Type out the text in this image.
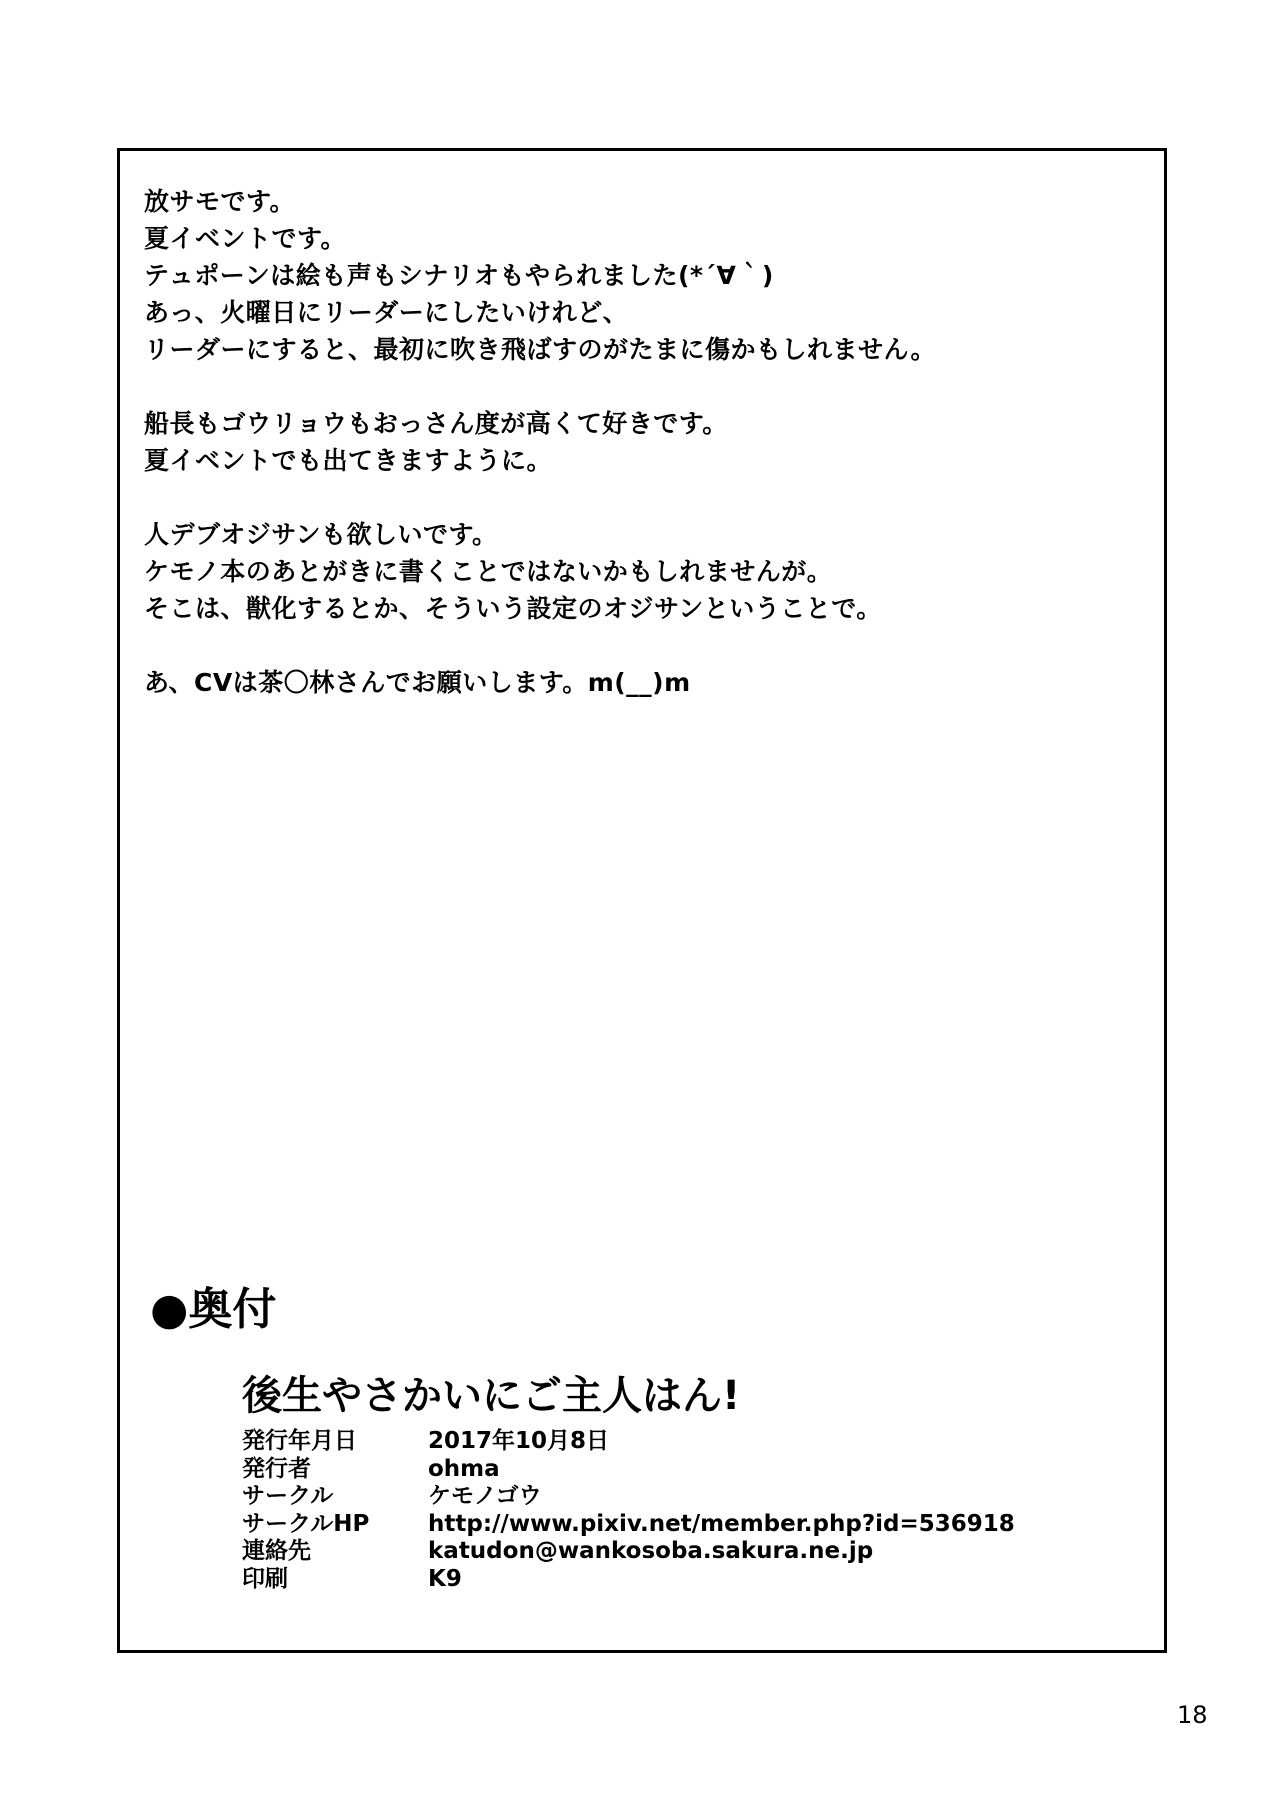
放サモです。
夏イベントです。
テュポーンは絵も声もシナリオもやられました(*´∀｀)
あっ、火曜日にリーダーにしたいけれど、
リーダーにすると、最初に吹き飛ばすのがたまに傷かもしれません。
船長もゴウリョウもおっさん度が高くて好きです。
夏イベントでも出てきますように。
人デブオジサンも欲しいです。
ケモノ本のあとがきに書くことではないかもしれませんが。
そこは、獣化するとか、そういう設定のオジサンということで。
あ、CVは茶〇林さんでお願いします。m(__)m
●奥付
後生やさかいにご主人はん!
発行年月日	2017年10月8日
発行者	ohma
サークル	ケモノゴウ
サークルHP	http://www.pixiv.net/member.php?id=536918
連絡先	katudon@wankosoba.sakura.ne.jp
印刷	K9
18
